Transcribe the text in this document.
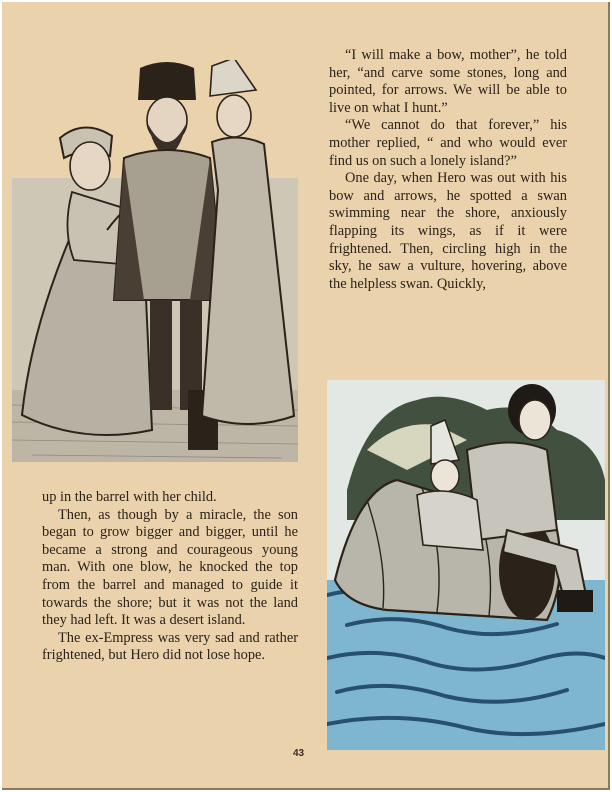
“I will make a bow, mother”, he told her, “and carve some stones, long and pointed, for arrows. We will be able to live on what I hunt.”

“We cannot do that forever,” his mother replied, “ and who would ever find us on such a lonely island?”

One day, when Hero was out with his bow and arrows, he spotted a swan swimming near the shore, anxiously flapping its wings, as if it were frightened. Then, circling high in the sky, he saw a vulture, hovering, above the helpless swan. Quickly,

up in the barrel with her child.

Then, as though by a miracle, the son began to grow bigger and bigger, until he became a strong and courageous young man. With one blow, he knocked the top from the barrel and managed to guide it towards the shore; but it was not the land they had left. It was a desert island.

The ex-Empress was very sad and rather frightened, but Hero did not lose hope.

43
